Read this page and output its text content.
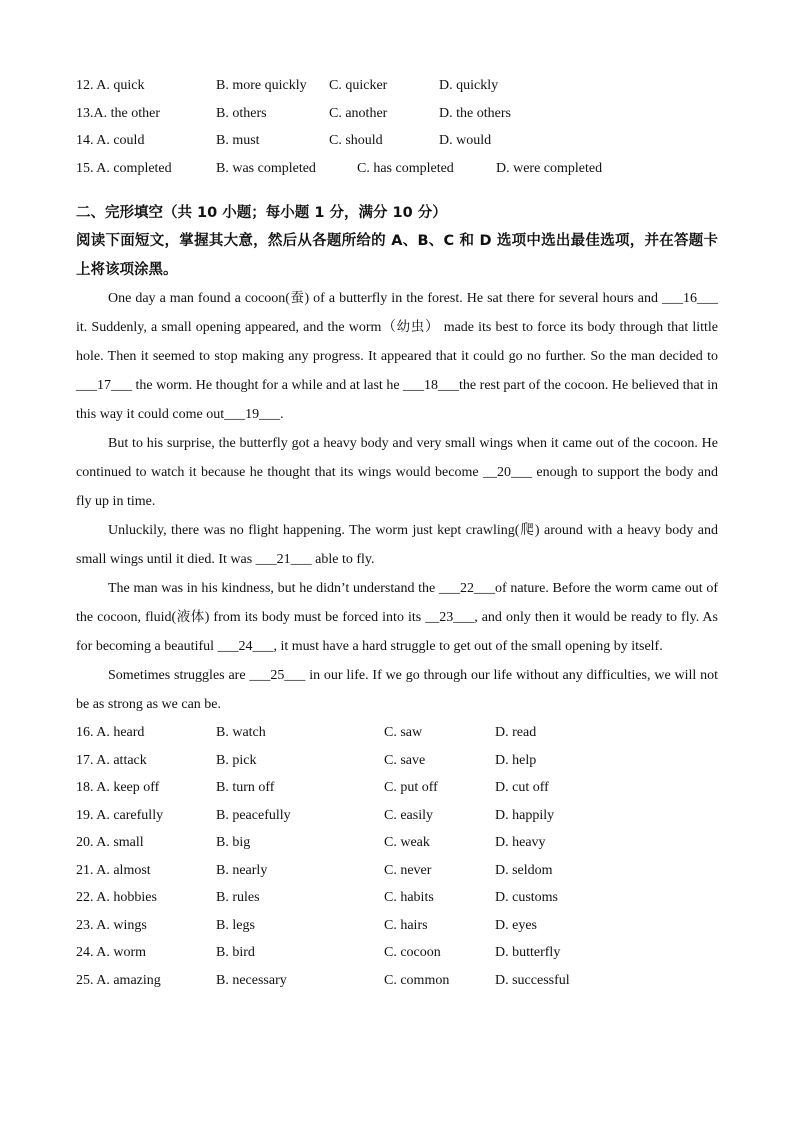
12. A. quick	B. more quickly C. quicker	D. quickly
13.A. the other	B. others	C. another	D. the others
14. A. could	B. must	C. should	D. would
15. A. completed	B. was completed	C. has completed	D. were completed
二、完形填空（共 10 小题；每小题 1 分，满分 10 分）
阅读下面短文，掌握其大意，然后从各题所给的 A、B、C 和 D 选项中选出最佳选项，并在答题卡上将该项涂黑。
One day a man found a cocoon(蚕) of a butterfly in the forest. He sat there for several hours and ___16___ it. Suddenly, a small opening appeared, and the worm（幼虫） made its best to force its body through that little hole. Then it seemed to stop making any progress. It appeared that it could go no further. So the man decided to ___17___ the worm. He thought for a while and at last he ___18___the rest part of the cocoon. He believed that in this way it could come out___19___.
But to his surprise, the butterfly got a heavy body and very small wings when it came out of the cocoon. He continued to watch it because he thought that its wings would become __20___ enough to support the body and fly up in time.
Unluckily, there was no flight happening. The worm just kept crawling(爬) around with a heavy body and small wings until it died. It was ___21___ able to fly.
The man was in his kindness, but he didn’t understand the ___22___of nature. Before the worm came out of the cocoon, fluid(液体) from its body must be forced into its __23___, and only then it would be ready to fly. As for becoming a beautiful ___24___, it must have a hard struggle to get out of the small opening by itself.
Sometimes struggles are ___25___ in our life. If we go through our life without any difficulties, we will not be as strong as we can be.
16. A. heard	B. watch	C. saw	D. read
17. A. attack	B. pick	C. save	D. help
18. A. keep off	B. turn off	C. put off	D. cut off
19. A. carefully	B. peacefully	C. easily	D. happily
20. A. small	B. big	C. weak	D. heavy
21. A. almost	B. nearly	C. never	D. seldom
22. A. hobbies	B. rules	C. habits	D. customs
23. A. wings	B. legs	C. hairs	D. eyes
24. A. worm	B. bird	C. cocoon	D. butterfly
25. A. amazing	B. necessary	C. common	D. successful
